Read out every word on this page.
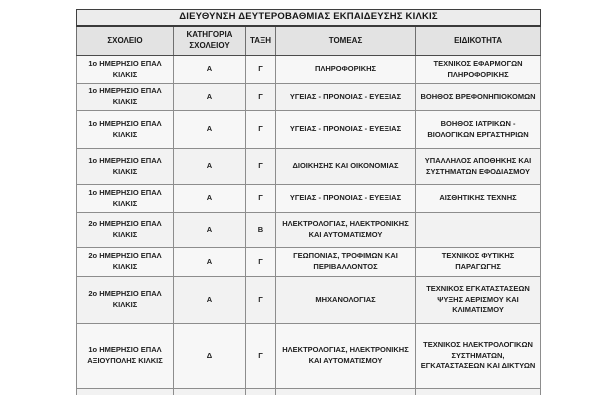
ΔΙΕΥΘΥΝΣΗ ΔΕΥΤΕΡΟΒΑΘΜΙΑΣ ΕΚΠΑΙΔΕΥΣΗΣ ΚΙΛΚΙΣ				
ΣΧΟΛΕΙΟ	ΚΑΤΗΓΟΡΙΑ ΣΧΟΛΕΙΟΥ	ΤΑΞΗ	ΤΟΜΕΑΣ	ΕΙΔΙΚΟΤΗΤΑ
1ο ΗΜΕΡΗΣΙΟ ΕΠΑΛ ΚΙΛΚΙΣ	Α	Γ	ΠΛΗΡΟΦΟΡΙΚΗΣ	ΤΕΧΝΙΚΟΣ ΕΦΑΡΜΟΓΩΝ ΠΛΗΡΟΦΟΡΙΚΗΣ
1ο ΗΜΕΡΗΣΙΟ ΕΠΑΛ ΚΙΛΚΙΣ	Α	Γ	ΥΓΕΙΑΣ - ΠΡΟΝΟΙΑΣ - ΕΥΕΞΙΑΣ	ΒΟΗΘΟΣ ΒΡΕΦΟΝΗΠΙΟΚΟΜΩΝ
1ο ΗΜΕΡΗΣΙΟ ΕΠΑΛ ΚΙΛΚΙΣ	Α	Γ	ΥΓΕΙΑΣ - ΠΡΟΝΟΙΑΣ - ΕΥΕΞΙΑΣ	ΒΟΗΘΟΣ ΙΑΤΡΙΚΩΝ - ΒΙΟΛΟΓΙΚΩΝ ΕΡΓΑΣΤΗΡΙΩΝ
1ο ΗΜΕΡΗΣΙΟ ΕΠΑΛ ΚΙΛΚΙΣ	Α	Γ	ΔΙΟΙΚΗΣΗΣ ΚΑΙ ΟΙΚΟΝΟΜΙΑΣ	ΥΠΑΛΛΗΛΟΣ ΑΠΟΘΗΚΗΣ ΚΑΙ ΣΥΣΤΗΜΑΤΩΝ ΕΦΟΔΙΑΣΜΟΥ
1ο ΗΜΕΡΗΣΙΟ ΕΠΑΛ ΚΙΛΚΙΣ	Α	Γ	ΥΓΕΙΑΣ - ΠΡΟΝΟΙΑΣ - ΕΥΕΞΙΑΣ	ΑΙΣΘΗΤΙΚΗΣ ΤΕΧΝΗΣ
2ο ΗΜΕΡΗΣΙΟ ΕΠΑΛ ΚΙΛΚΙΣ	Α	Β	ΗΛΕΚΤΡΟΛΟΓΙΑΣ, ΗΛΕΚΤΡΟΝΙΚΗΣ ΚΑΙ ΑΥΤΟΜΑΤΙΣΜΟΥ	
2ο ΗΜΕΡΗΣΙΟ ΕΠΑΛ ΚΙΛΚΙΣ	Α	Γ	ΓΕΩΠΟΝΙΑΣ, ΤΡΟΦΙΜΩΝ ΚΑΙ ΠΕΡΙΒΑΛΛΟΝΤΟΣ	ΤΕΧΝΙΚΟΣ ΦΥΤΙΚΗΣ ΠΑΡΑΓΩΓΗΣ
2ο ΗΜΕΡΗΣΙΟ ΕΠΑΛ ΚΙΛΚΙΣ	Α	Γ	ΜΗΧΑΝΟΛΟΓΙΑΣ	ΤΕΧΝΙΚΟΣ ΕΓΚΑΤΑΣΤΑΣΕΩΝ ΨΥΞΗΣ ΑΕΡΙΣΜΟΥ ΚΑΙ ΚΛΙΜΑΤΙΣΜΟΥ
1ο ΗΜΕΡΗΣΙΟ ΕΠΑΛ ΑΞΙΟΥΠΟΛΗΣ ΚΙΛΚΙΣ	Δ	Γ	ΗΛΕΚΤΡΟΛΟΓΙΑΣ, ΗΛΕΚΤΡΟΝΙΚΗΣ ΚΑΙ ΑΥΤΟΜΑΤΙΣΜΟΥ	ΤΕΧΝΙΚΟΣ ΗΛΕΚΤΡΟΛΟΓΙΚΩΝ ΣΥΣΤΗΜΑΤΩΝ, ΕΓΚΑΤΑΣΤΑΣΕΩΝ ΚΑΙ ΔΙΚΤΥΩΝ
